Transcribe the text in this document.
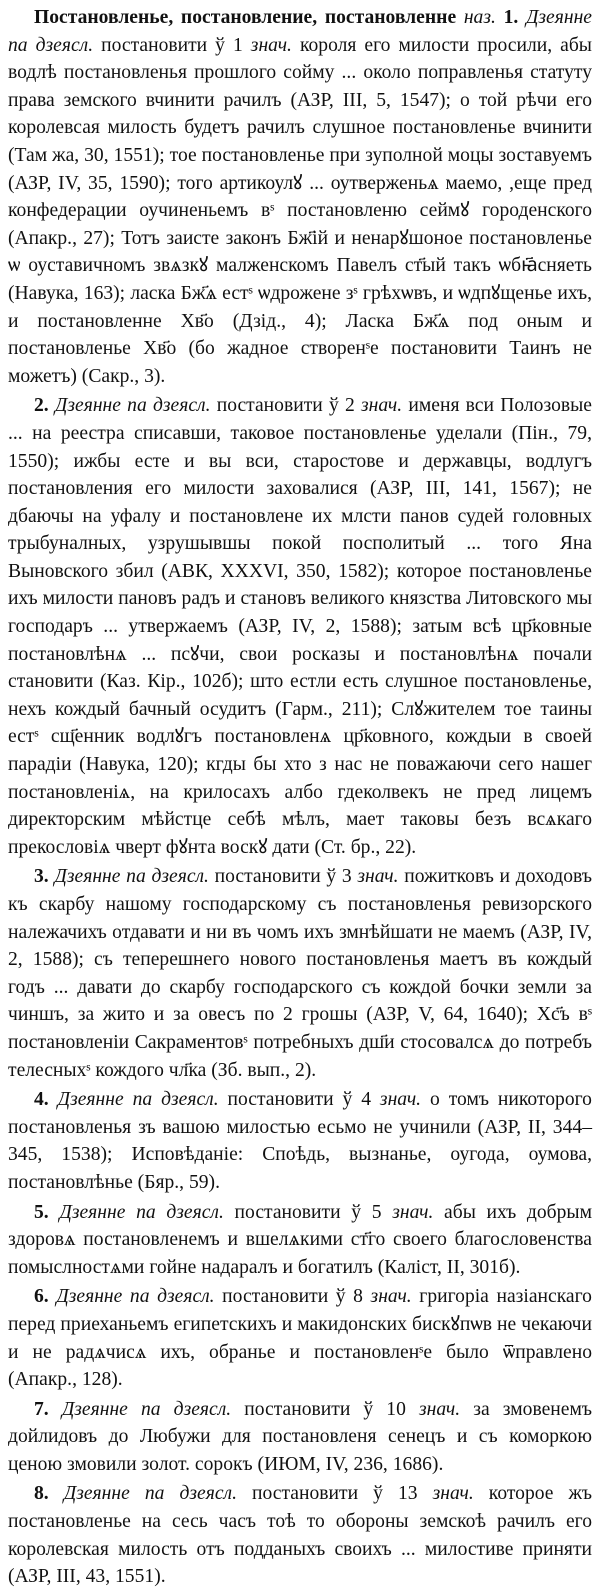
Постановленье, постановление, постановленне наз. 1. Дзеянне па дзеясл. постановити ў 1 знач. короля его милости просили, абы водлѣ постановленья прошлого сойму ... около поправленья статуту права земского вчинити рачилъ (АЗР, III, 5, 1547); о той рѣчи его королевсая милость будетъ рачилъ слушное постановленье вчинити (Там жа, 30, 1551); тое постановленье при зуполной моцы зоставуемъ (АЗР, IV, 35, 1590); того артикоулꙋ ... оутверженьѧ маемо, ,еще пред конфедерации оучиненьемъ вˢ постановленю сеймꙋ городенского (Апакр., 27); Тотъ заисте законъ Бж҃ій и ненарꙋшоное постановленье ѡ оуставичномъ звѧзкꙋ малженскомъ Павелъ ст҃ый такъ ѡбꙗ҃сняеть (Навука, 163); ласка Бж҃ѧ естˢ ѡдрожене зˢ грѣхѡвъ, и ѡдпꙋщенье ихъ, и постановленне Хв҃о (Дзід., 4); Ласка Бж҃ѧ под оным и постановленье Хв҃о (бо жадное створенˢе постановити Таинъ не можетъ) (Сакр., 3).

2. Дзеянне па дзеясл. постановити ў 2 знач. именя вси Полозовые ... на реестра списавши, таковое постановленье уделали (Пін., 79, 1550); ижбы есте и вы вси, старостове и державцы, водлугъ постановления его милости заховалися (АЗР, III, 141, 1567); не дбаючы на уфалу и постановлене их млсти панов судей головных трыбуналных, узрушывшы покой посполитый ... того Яна Выновского збил (АВК, XXXVI, 350, 1582); которое постановленье ихъ милости пановъ радъ и становъ великого князства Литовского мы господаръ ... утвержаемъ (АЗР, IV, 2, 1588); затым всѣ цр҃ковные постановлѣнѧ ... псꙋчи, свои росказы и постановлѣнѧ почали становити (Каз. Кір., 102б); што естли есть слушное постановленье, нехъ кождый бачный осудитъ (Гарм., 211); Слꙋжителем тое таины естˢ сщ҃енник водлꙋгъ постановленѧ цр҃ковного, кождыи в своей парадіи (Навука, 120); кгды бы хто з нас не поважаючи сего нашег постановленіѧ, на крилосахъ албо гдеколвекъ не пред лицемъ директорским мѣйстце себѣ мѣлъ, мает таковы безъ всѧкаго прекословіѧ чверт фꙋнта воскꙋ дати (Ст. бр., 22).

3. Дзеянне па дзеясл. постановити ў 3 знач. пожитковъ и доходовъ къ скарбу нашому господарскому съ постановленья ревизорского належачихъ отдавати и ни въ чомъ ихъ змнѣйшати не маемъ (АЗР, IV, 2, 1588); съ теперешнего нового постановленья маетъ въ кождый годъ ... давати до скарбу господарского съ кождой бочки земли за чиншъ, за жито и за овесъ по 2 грошы (АЗР, V, 64, 1640); Хс҃ъ вˢ постановленіи Сакраментовˢ потребныхъ дш҃и стосовалсѧ до потребъ телесныхˢ кождого чл҃ка (Зб. вып., 2).

4. Дзеянне па дзеясл. постановити ў 4 знач. о томъ никоторого постановленья зъ вашою милостью есьмо не учинили (АЗР, II, 344–345, 1538); Исповѣданіе: Споѣдь, вызнанье, оугода, оумова, постановлѣнье (Бяр., 59).

5. Дзеянне па дзеясл. постановити ў 5 знач. абы ихъ добрым здоровѧ постановленемъ и вшелѧкими ст҃го своего благословенства помыслностѧми гойне надаралъ и богатилъ (Каліст, II, 301б).

6. Дзеянне па дзеясл. постановити ў 8 знач. григоріа назіанскаго перед приеханьемъ египетскихъ и макидонских бискꙋпѡв не чекаючи и не радѧчисѧ ихъ, обранье и постановленˢе было ѿправлено (Апакр., 128).

7. Дзеянне па дзеясл. постановити ў 10 знач. за змовенемъ дойлидовъ до Любужи для постановленя сенецъ и съ коморкою ценою змовили золот. сорокъ (ИЮМ, IV, 236, 1686).

8. Дзеянне па дзеясл. постановити ў 13 знач. которое жъ постановленье на сесь часъ тоѣ то обороны земскоѣ рачилъ его королевская милость отъ подданыхъ своихъ ... милостиве приняти (АЗР, III, 43, 1551).
